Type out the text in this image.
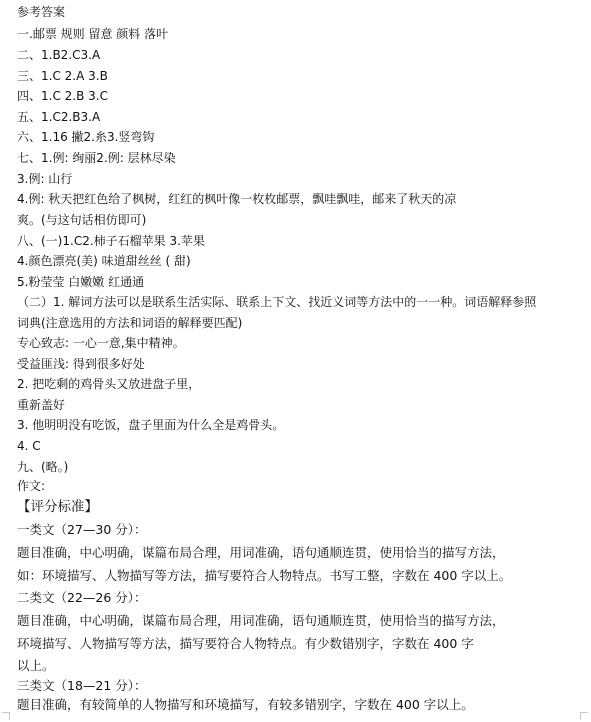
参考答案
一.邮票 规则 留意 颜料 落叶
二、1.B2.C3.A
三、1.C 2.A 3.B
四、1.C 2.B 3.C
五、1.C2.B3.A
六、1.16 撇2.糸3.竖弯钩
七、1.例: 绚丽2.例: 层林尽染
3.例: 山行
4.例: 秋天把红色给了枫树，红红的枫叶像一枚枚邮票，飘哇飘哇，邮来了秋天的凉
爽。(与这句话相仿即可)
八、(一)1.C2.柿子石榴苹果 3.苹果
4.颜色漂亮(美) 味道甜丝丝 ( 甜)
5.粉莹莹 白嫩嫩 红通通
（二）1. 解词方法可以是联系生活实际、联系上下文、找近义词等方法中的一一种。词语解释参照
词典(注意选用的方法和词语的解释要匹配)
专心致志: 一心一意,集中精神。
受益匪浅: 得到很多好处
2. 把吃剩的鸡骨头又放进盘子里，
重新盖好
3. 他明明没有吃饭，盘子里面为什么全是鸡骨头。
4. C
九、(略。)
作文:
【评分标准】
一类文（27—30 分）：
题目准确，中心明确，谋篇布局合理，用词准确，语句通顺连贯，使用恰当的描写方法，
如：环境描写、人物描写等方法，描写要符合人物特点。书写工整，字数在 400 字以上。
二类文（22—26 分）：
题目准确，中心明确，谋篇布局合理，用词准确，语句通顺连贯，使用恰当的描写方法，
环境描写、人物描写等方法，描写要符合人物特点。有少数错别字，字数在 400 字
以上。
三类文（18—21 分）：
题目准确，有较简单的人物描写和环境描写，有较多错别字，字数在 400 字以上。
